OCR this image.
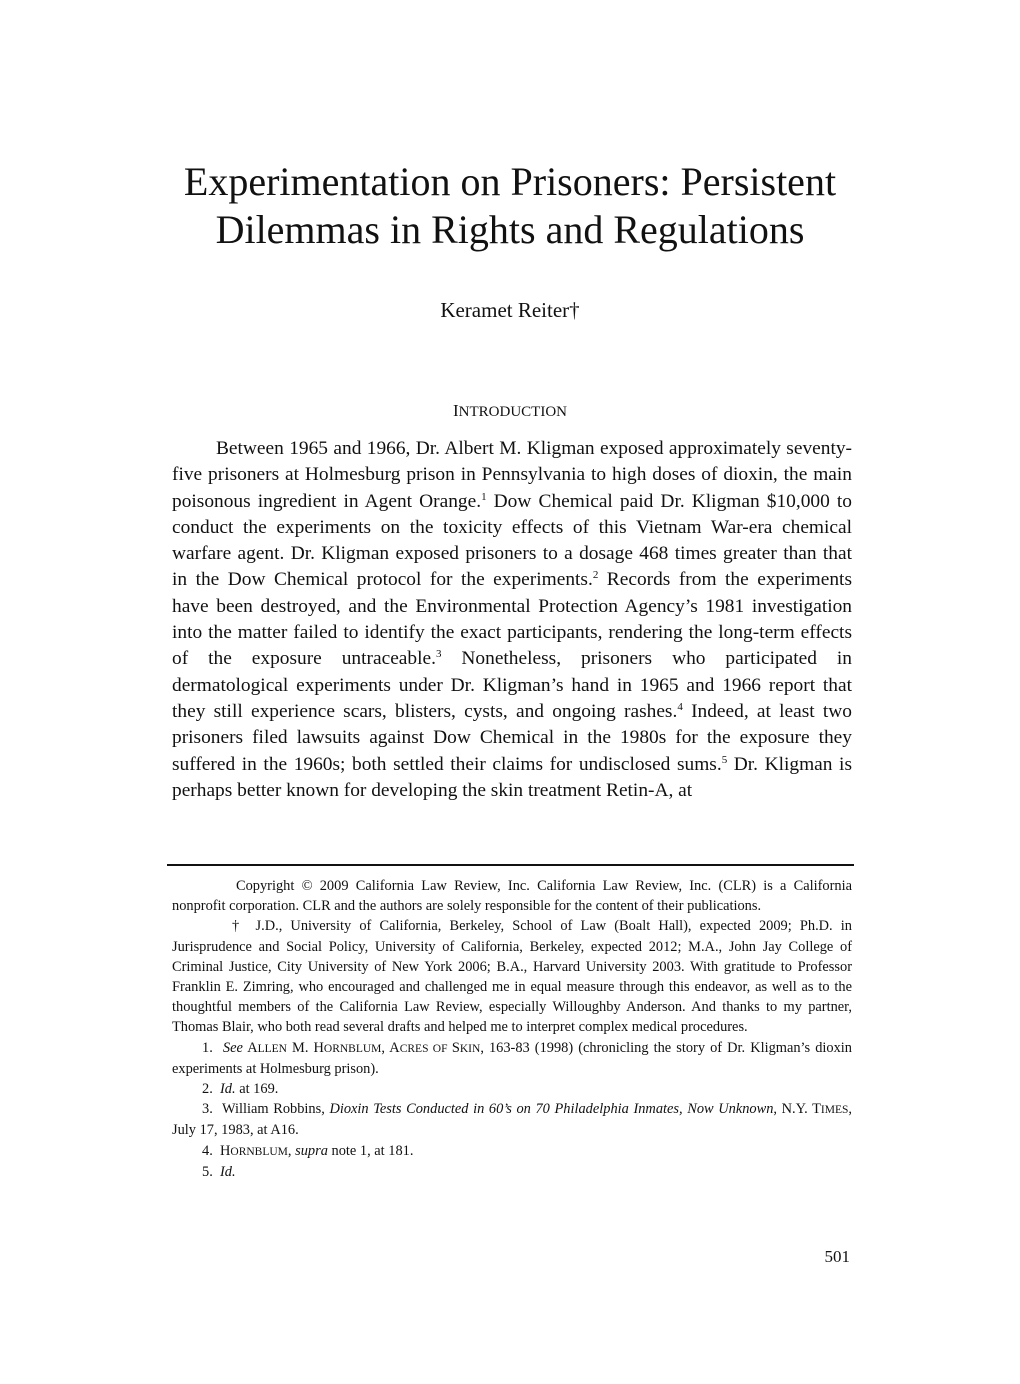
Experimentation on Prisoners: Persistent
Dilemmas in Rights and Regulations

Keramet Reiter†

INTRODUCTION

Between 1965 and 1966, Dr. Albert M. Kligman exposed approximately seventy-five prisoners at Holmesburg prison in Pennsylvania to high doses of dioxin, the main poisonous ingredient in Agent Orange.$^1$ Dow Chemical paid Dr. Kligman $10,000 to conduct the experiments on the toxicity effects of this Vietnam War-era chemical warfare agent. Dr. Kligman exposed prisoners to a dosage 468 times greater than that in the Dow Chemical protocol for the experiments.$^2$ Records from the experiments have been destroyed, and the Environmental Protection Agency’s 1981 investigation into the matter failed to identify the exact participants, rendering the long-term effects of the exposure untraceable.$^3$ Nonetheless, prisoners who participated in dermatological experiments under Dr. Kligman’s hand in 1965 and 1966 report that they still experience scars, blisters, cysts, and ongoing rashes.$^4$ Indeed, at least two prisoners filed lawsuits against Dow Chemical in the 1980s for the exposure they suffered in the 1960s; both settled their claims for undisclosed sums.$^5$ Dr. Kligman is perhaps better known for developing the skin treatment Retin-A, at

Copyright © 2009 California Law Review, Inc. California Law Review, Inc. (CLR) is a California nonprofit corporation. CLR and the authors are solely responsible for the content of their publications.

† J.D., University of California, Berkeley, School of Law (Boalt Hall), expected 2009; Ph.D. in Jurisprudence and Social Policy, University of California, Berkeley, expected 2012; M.A., John Jay College of Criminal Justice, City University of New York 2006; B.A., Harvard University 2003. With gratitude to Professor Franklin E. Zimring, who encouraged and challenged me in equal measure through this endeavor, as well as to the thoughtful members of the California Law Review, especially Willoughby Anderson. And thanks to my partner, Thomas Blair, who both read several drafts and helped me to interpret complex medical procedures.

1. See ALLEN M. HORNBLUM, ACRES OF SKIN, 163-83 (1998) (chronicling the story of Dr. Kligman’s dioxin experiments at Holmesburg prison).

2. Id. at 169.

3. William Robbins, Dioxin Tests Conducted in 60’s on 70 Philadelphia Inmates, Now Unknown, N.Y. TIMES, July 17, 1983, at A16.

4. HORNBLUM, supra note 1, at 181.

5. Id.

501
